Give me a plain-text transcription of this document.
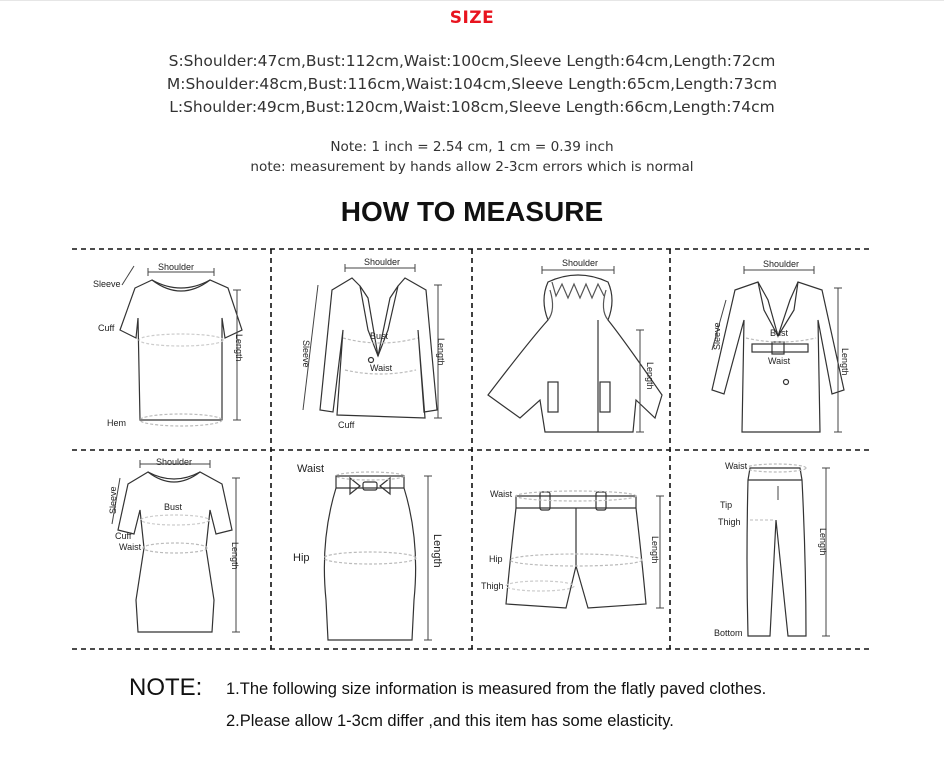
SIZE
S:Shoulder:47cm,Bust:112cm,Waist:100cm,Sleeve Length:64cm,Length:72cm
M:Shoulder:48cm,Bust:116cm,Waist:104cm,Sleeve Length:65cm,Length:73cm
L:Shoulder:49cm,Bust:120cm,Waist:108cm,Sleeve Length:66cm,Length:74cm
Note: 1 inch = 2.54 cm, 1 cm = 0.39 inch
note: measurement by hands allow 2-3cm errors which is normal
HOW TO MEASURE
Shoulder
Sleeve
Cuff
Length
Hem
Shoulder
Bust
Waist
Sleeve	Length
Cuff
Shoulder
Length
Shoulder
Sleeve	Bust
Waist	Length
Shoulder
Sleeve	Bust
Cuff
Waist	Length
Waist
Hip	Length
Waist
Hip
Thigh
Length
Waist
Tip
Thigh
Bottom
Length
NOTE: 1.The following size information is measured from the flatly paved clothes.
2.Please allow 1-3cm differ ,and this item has some elasticity.
